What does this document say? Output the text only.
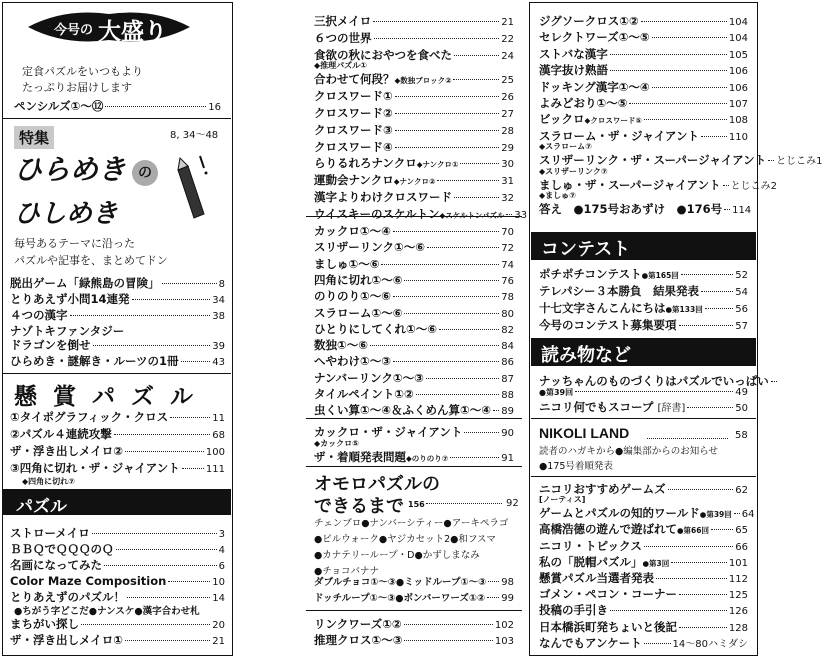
今号の 大盛り
定食パズルをいつもより
たっぷりお届けします
ペンシルズ①〜⑫	16
特集	8, 34〜48
ひらめき の
ひしめき
毎号あるテーマに沿った
パズルや記事を、まとめてドン
脱出ゲーム「緑熊島の冒険」	8
とりあえず小問14連発	34
４つの漢字	38
ナゾトキファンタジー
ドラゴンを倒せ	39
ひらめき・謎解き・ルーツの1冊	43
懸 賞 パ ズ ル
①タイポグラフィック・クロス	11
②パズル４連続攻撃	68
ザ・浮き出しメイロ②	100
③四角に切れ・ザ・ジャイアント	111
◆四角に切れ⑦
パズル
ストローメイロ	3
ＢＢＱでＱＱＱのＱ	4
名画になってみた	6
Color Maze Composition	10
とりあえずのパズル！	14
●ちがう字どこだ●ナンスケ●漢字合わせ札
まちがい探し	20
ザ・浮き出しメイロ①	21
三択メイロ	21
６つの世界	22
食欲の秋におやつを食べた	24
◆推理パズル①
合わせて何段？ ◆数独ブロック②	25
クロスワード①	26
クロスワード②	27
クロスワード③	28
クロスワード④	29
らりるれろナンクロ ◆ナンクロ①	30
運動会ナンクロ ◆ナンクロ②	31
漢字よりわけクロスワード	32
ウイスキーのスケルトン ◆スケルトンパズル 33
カックロ①〜④	70
スリザーリンク①〜⑥	72
ましゅ①〜⑥	74
四角に切れ①〜⑥	76
のりのり①〜⑥	78
スラローム①〜⑥	80
ひとりにしてくれ①〜⑥	82
数独①〜⑥	84
へやわけ①〜③	86
ナンバーリンク①〜③	87
タイルペイント①②	88
虫くい算①〜④＆ふくめん算①〜④ 89
カックロ・ザ・ジャイアント	90
◆カックロ⑤
ザ・着順発表問題 ◆のりのり⑦	91
オモロパズルの
できるまで 156	92
チェンブロ●ナンバーシティー●アーキペラゴ
●ビルウォーク●ヤジカセット2●和フスマ
●カナテリーループ・D●かずしまなみ
●チョコバナナ
ダブルチョコ①〜③●ミッドループ①〜③ 98
ドッチループ①〜③●ボンバーワーズ①② 99
リンクワーズ①②	102
推理クロス①〜③	103
ジグソークロス①②	104
セレクトワーズ①〜⑤	104
ストバな漢字	105
漢字抜け熟語	106
ドッキング漢字①〜④	106
よみどおり①〜⑤	107
ビックロ ◆クロスワード⑤	108
スラローム・ザ・ジャイアント	110
◆スラローム⑦
スリザーリンク・ザ・スーパージャイアント とじこみ1
◆スリザーリンク⑦
ましゅ・ザ・スーパージャイアント とじこみ2
◆ましゅ⑦
答え　●175号おあずけ　●176号 114
コンテスト
ポチポチコンテスト ●第165回	52
テレパシー３本勝負　結果発表	54
十七文字さんこんにちは ●第133回	56
今号のコンテスト募集要項	57
読み物など
ナッちゃんのものづくりはパズルでいっぱい
●第39回	49
ニコリ何でもスコープ [辞書]	50
NIKOLI LAND	58
読者のハガキから●編集部からのお知らせ
●175号着順発表
ニコリおすすめゲームズ	62
[ノーティス]
ゲームとパズルの知的ワールド ●第39回 64
高橋浩德の遊んで遊ばれて ●第66回	65
ニコリ・トピックス	66
私の「脱帽パズル」 ●第3回	101
懸賞パズル当選者発表	112
ゴメン・ペコン・コーナー	125
投稿の手引き	126
日本橋浜町発ちょいと後記	128
なんでもアンケート	14〜80ハミダシ
